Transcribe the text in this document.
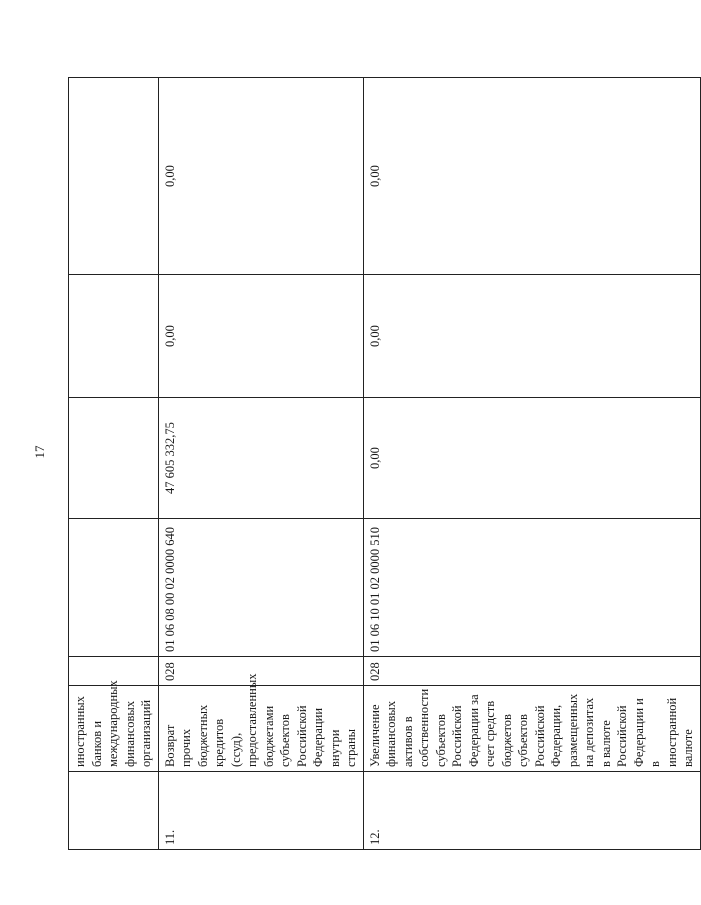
17
	иностранных банков и международных финансовых организаций					
11.	Возврат прочих бюджетных кредитов (ссуд), предоставленных бюджетами субъектов Российской Федерации внутри страны	028	01 06 08 00 02 0000 640	47 605 332,75	0,00	0,00
12.	Увеличение финансовых активов в собственности субъектов Российской Федерации за счет средств бюджетов субъектов Российской Федерации, размещенных на депозитах в валюте Российской Федерации и в иностранной валюте	028	01 06 10 01 02 0000 510	0,00	0,00	0,00
